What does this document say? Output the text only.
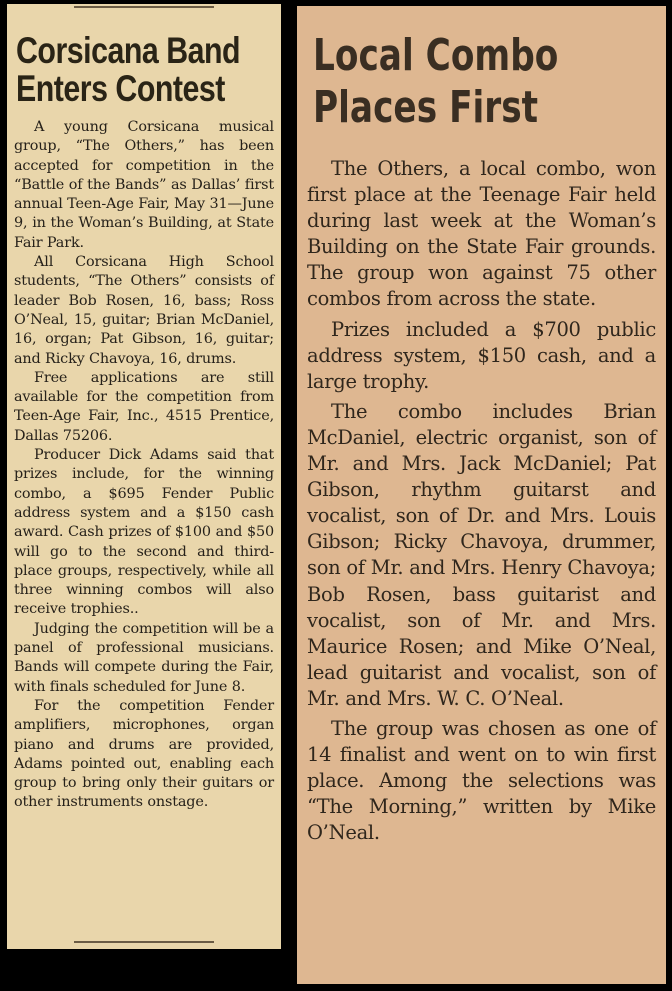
Corsicana Band
Enters Contest

A young Corsicana musical group, “The Others,” has been accepted for competition in the “Battle of the Bands” as Dallas’ first annual Teen-Age Fair, May 31—June 9, in the Woman’s Building, at State Fair Park.

All Corsicana High School students, “The Others” consists of leader Bob Rosen, 16, bass; Ross O’Neal, 15, guitar; Brian McDaniel, 16, organ; Pat Gibson, 16, guitar; and Ricky Chavoya, 16, drums.

Free applications are still available for the competition from Teen-Age Fair, Inc., 4515 Prentice, Dallas 75206.

Producer Dick Adams said that prizes include, for the winning combo, a $695 Fender Public address system and a $150 cash award. Cash prizes of $100 and $50 will go to the second and third-place groups, respectively, while all three winning combos will also receive trophies..

Judging the competition will be a panel of professional musicians. Bands will compete during the Fair, with finals scheduled for June 8.

For the competition Fender amplifiers, microphones, organ piano and drums are provided, Adams pointed out, enabling each group to bring only their guitars or other instruments onstage.

Local Combo
Places First

The Others, a local combo, won first place at the Teenage Fair held during last week at the Woman’s Building on the State Fair grounds. The group won against 75 other combos from across the state.

Prizes included a $700 public address system, $150 cash, and a large trophy.

The combo includes Brian McDaniel, electric organist, son of Mr. and Mrs. Jack McDaniel; Pat Gibson, rhythm guitarst and vocalist, son of Dr. and Mrs. Louis Gibson; Ricky Chavoya, drummer, son of Mr. and Mrs. Henry Chavoya; Bob Rosen, bass guitarist and vocalist, son of Mr. and Mrs. Maurice Rosen; and Mike O’Neal, lead guitarist and vocalist, son of Mr. and Mrs. W. C. O’Neal.

The group was chosen as one of 14 finalist and went on to win first place. Among the selections was “The Morning,” written by Mike O’Neal.
